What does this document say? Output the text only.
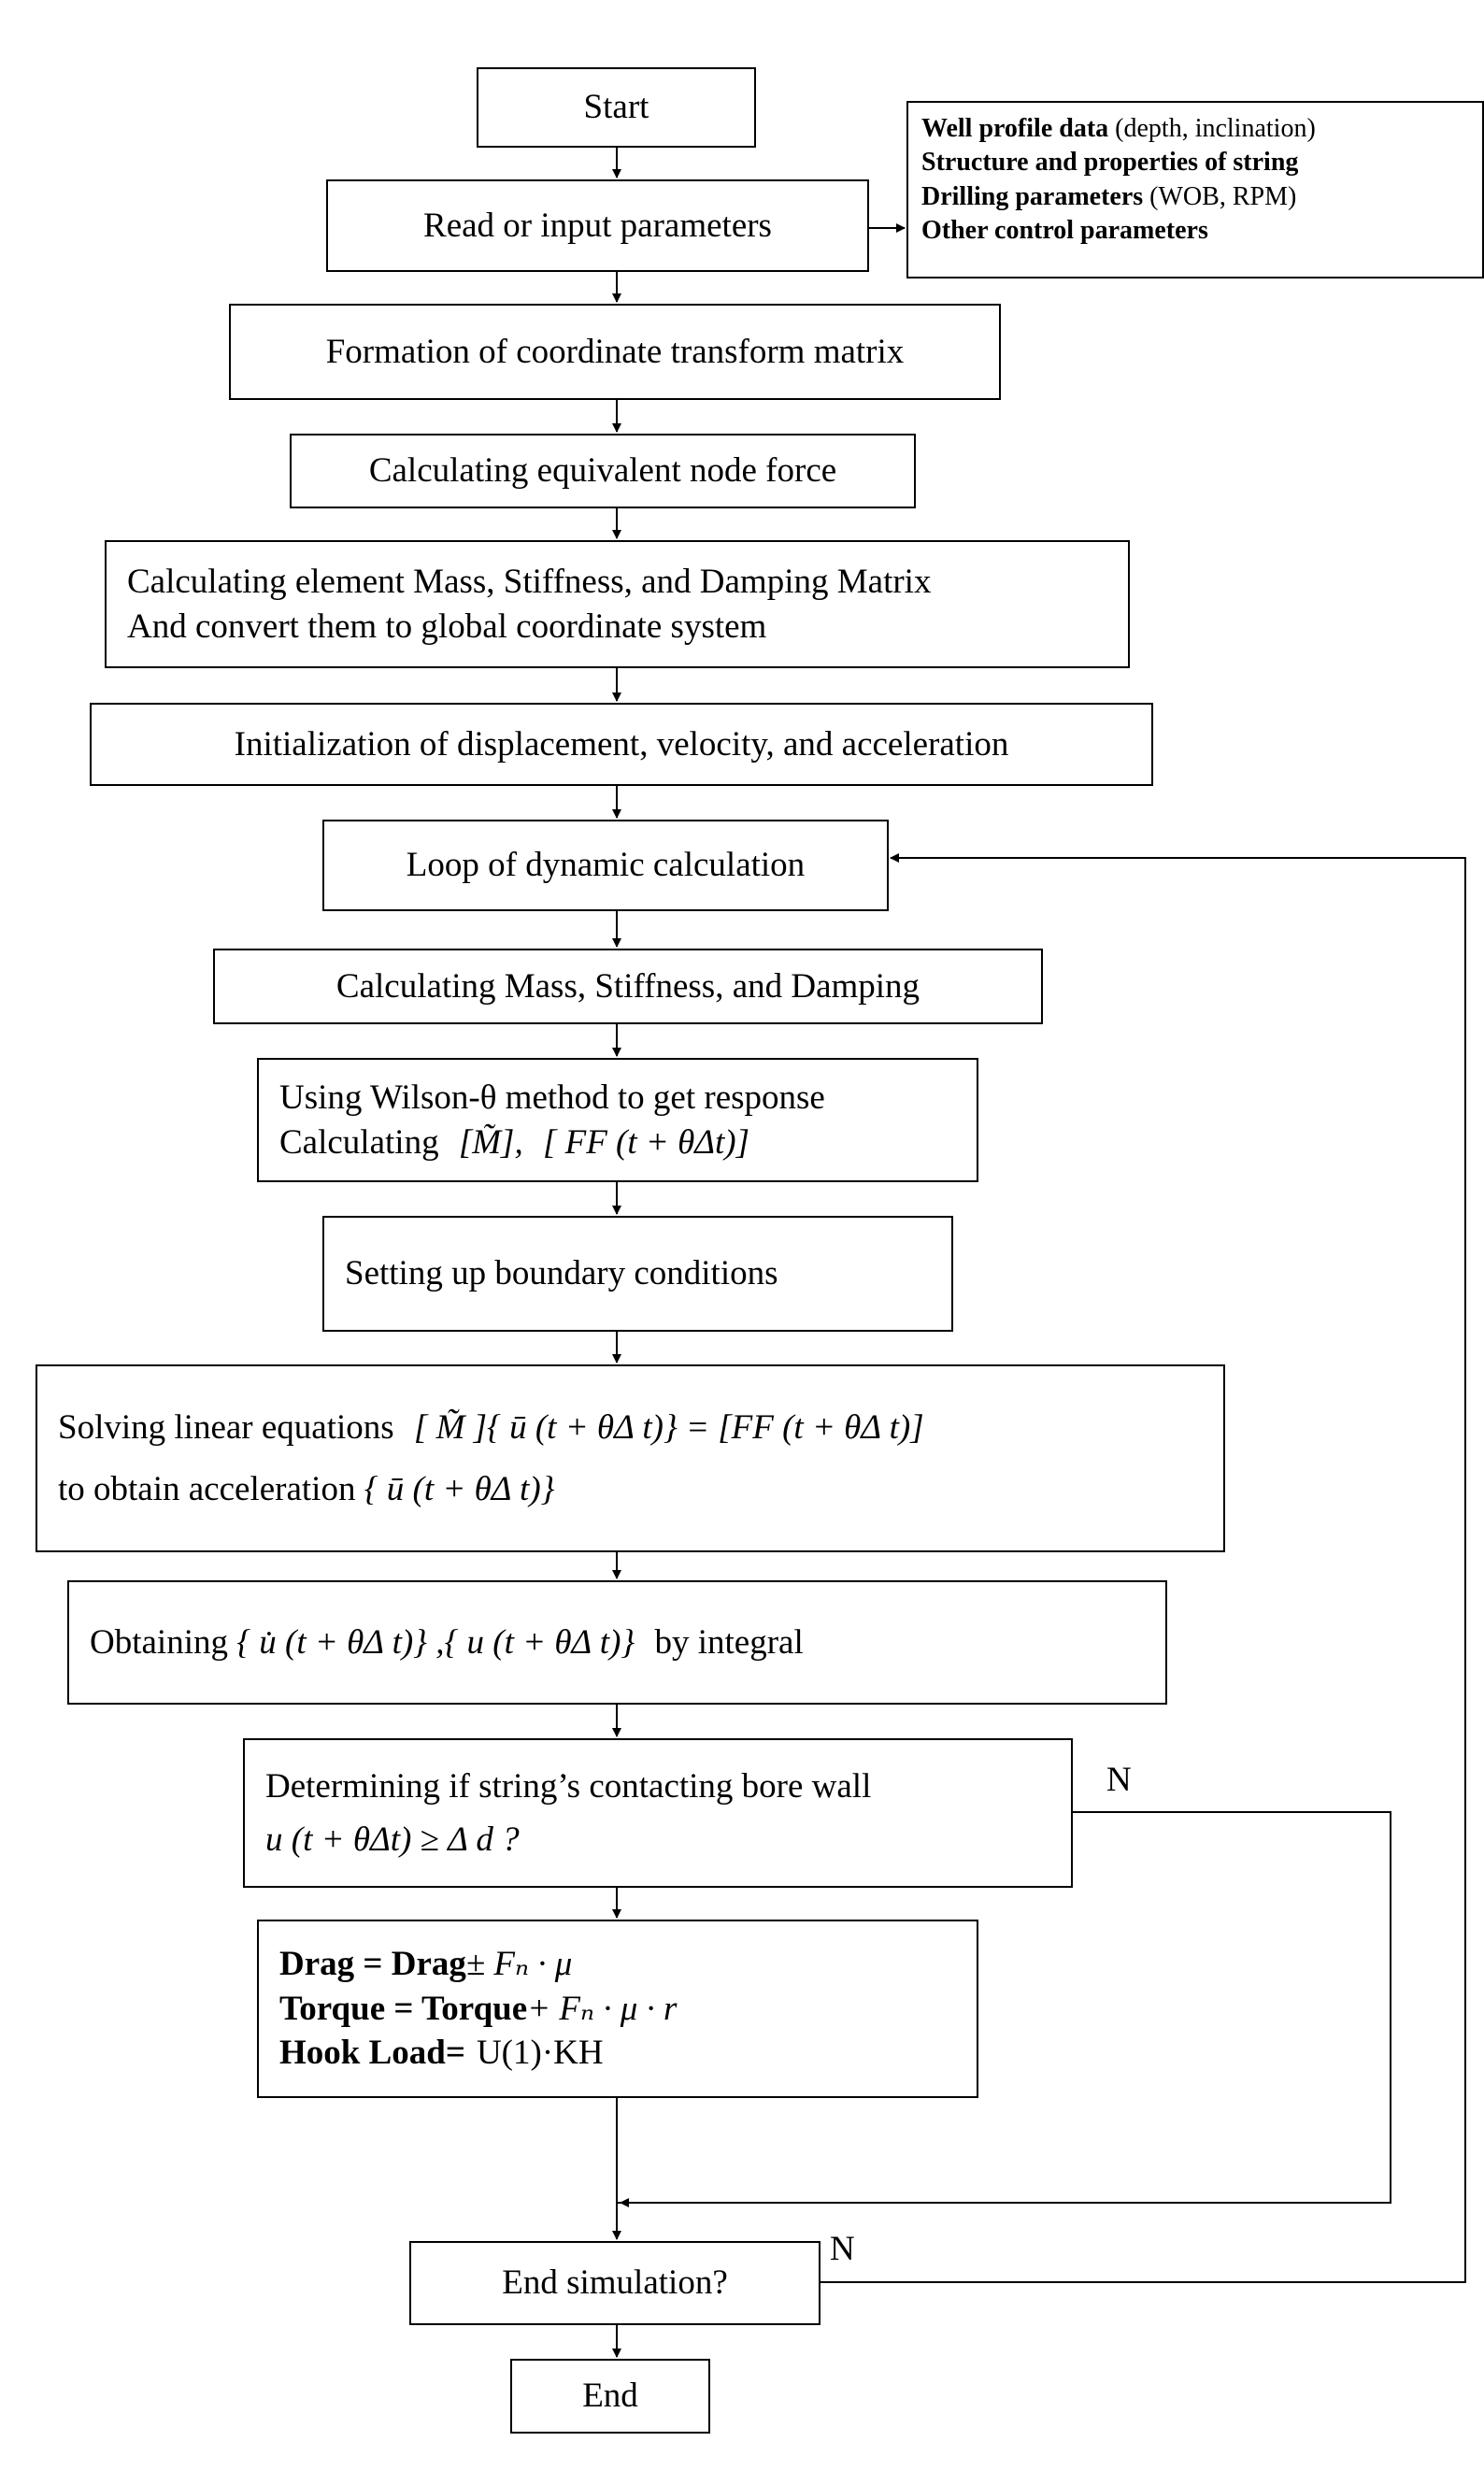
Start
Read or input parameters
Well profile data (depth, inclination)
Structure and properties of string
Drilling parameters (WOB, RPM)
Other control parameters
Formation of coordinate transform matrix
Calculating equivalent node force
Calculating element Mass, Stiffness, and Damping Matrix
And convert them to global coordinate system
Initialization of displacement, velocity, and acceleration
Loop of dynamic calculation
Calculating Mass, Stiffness, and Damping
Using Wilson-θ method to get response
Calculating [M̃], [ FF (t + θΔt)]
Setting up boundary conditions
Solving linear equations [ M̃ ]{ ū (t + θΔ t)} = [FF (t + θΔ t)]
to obtain acceleration { ū (t + θΔ t)}
Obtaining { u̇ (t + θΔ t)} ,{ u (t + θΔ t)} by integral
Determining if string’s contacting bore wall
u (t + θΔt) ≥ Δ d ?
Drag = Drag± Fₙ · μ
Torque = Torque+ Fₙ · μ · r
Hook Load= U(1)·KH
End simulation?
End
N
N
